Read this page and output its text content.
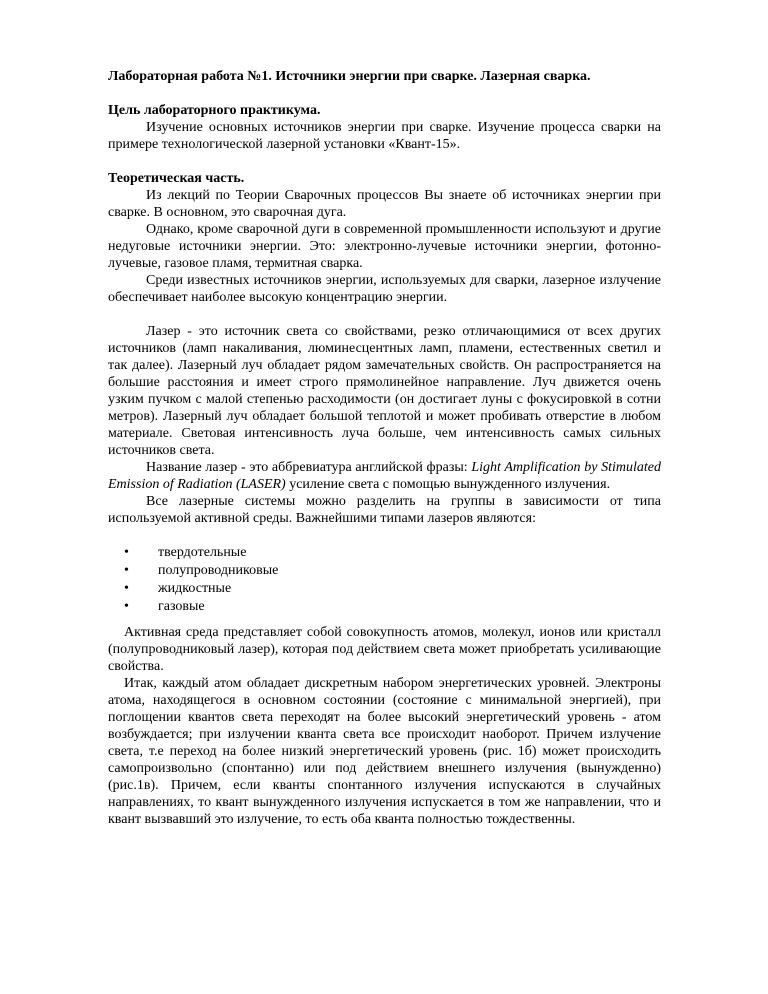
Лабораторная работа №1. Источники энергии при сварке. Лазерная сварка.

Цель лабораторного практикума.

Изучение основных источников энергии при сварке. Изучение процесса сварки на примере технологической лазерной установки «Квант-15».

Теоретическая часть.

Из лекций по Теории Сварочных процессов Вы знаете об источниках энергии при сварке. В основном, это сварочная дуга.

Однако, кроме сварочной дуги в современной промышленности используют и другие недуговые источники энергии. Это: электронно-лучевые источники энергии, фотонно-лучевые, газовое пламя, термитная сварка.

Среди известных источников энергии, используемых для сварки, лазерное излучение обеспечивает наиболее высокую концентрацию энергии.

Лазер - это источник света со свойствами, резко отличающимися от всех других источников (ламп накаливания, люминесцентных ламп, пламени, естественных светил и так далее). Лазерный луч обладает рядом замечательных свойств. Он распространяется на большие расстояния и имеет строго прямолинейное направление. Луч движется очень узким пучком с малой степенью расходимости (он достигает луны с фокусировкой в сотни метров). Лазерный луч обладает большой теплотой и может пробивать отверстие в любом материале. Световая интенсивность луча больше, чем интенсивность самых сильных источников света.

Название лазер - это аббревиатура английской фразы: Light Amplification by Stimulated Emission of Radiation (LASER) усиление света с помощью вынужденного излучения.

Все лазерные системы можно разделить на группы в зависимости от типа используемой активной среды. Важнейшими типами лазеров являются:

• твердотельные
• полупроводниковые
• жидкостные
• газовые

Активная среда представляет собой совокупность атомов, молекул, ионов или кристалл (полупроводниковый лазер), которая под действием света может приобретать усиливающие свойства.

Итак, каждый атом обладает дискретным набором энергетических уровней. Электроны атома, находящегося в основном состоянии (состояние с минимальной энергией), при поглощении квантов света переходят на более высокий энергетический уровень - атом возбуждается; при излучении кванта света все происходит наоборот. Причем излучение света, т.е переход на более низкий энергетический уровень (рис. 1б) может происходить самопроизвольно (спонтанно) или под действием внешнего излучения (вынужденно) (рис.1в). Причем, если кванты спонтанного излучения испускаются в случайных направлениях, то квант вынужденного излучения испускается в том же направлении, что и квант вызвавший это излучение, то есть оба кванта полностью тождественны.
